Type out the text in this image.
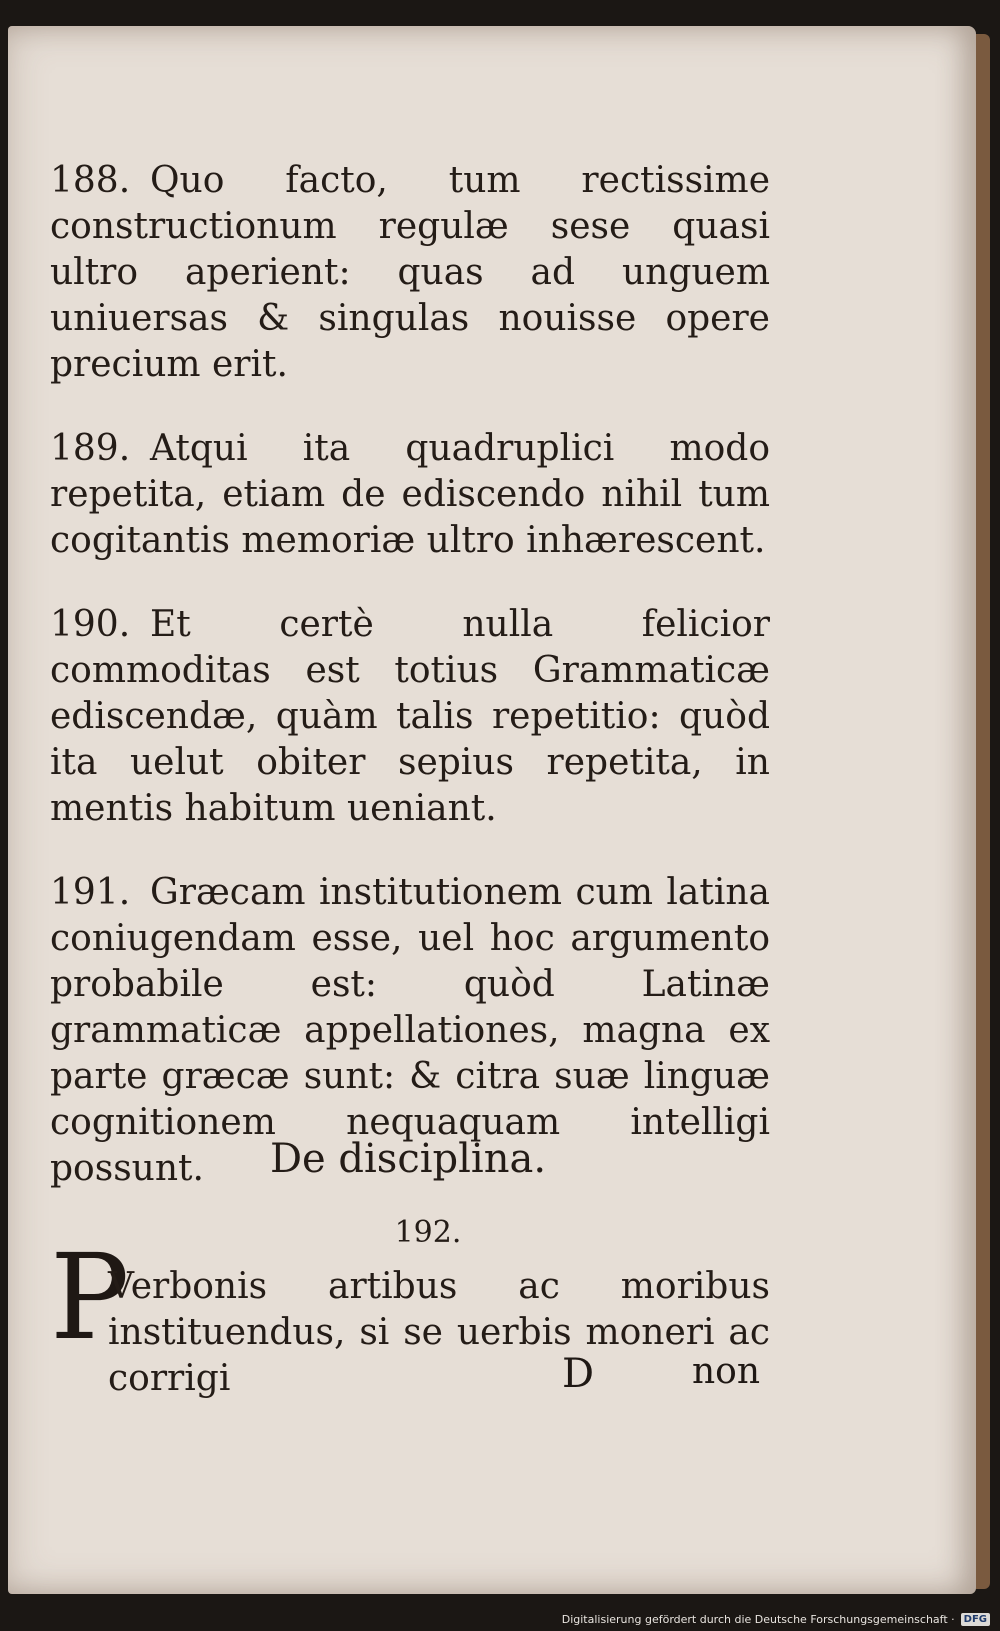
188. Quo facto, tum rectissime constructionum regulæ sese quasi ultro aperient: quas ad unguem uniuersas & singulas nouisse opere precium erit.

189. Atqui ita quadruplici modo repetita, etiam de ediscendo nihil tum cogitantis memoriæ ultro inhærescent.

190. Et certè nulla felicior commoditas est totius Grammaticæ ediscendæ, quàm talis repetitio: quòd ita uelut obiter sepius repetita, in mentis habitum ueniant.

191. Græcam institutionem cum latina coniugendam esse, uel hoc argumento probabile est: quòd Latinæ grammaticæ appellationes, magna ex parte græcæ sunt: & citra suæ linguæ cognitionem nequaquam intelligi possunt.	De disciplina.
192.
P
Verbonis artibus ac moribus instituendus, si se uerbis moneri ac corrigi	D	non
Digitalisierung gefördert durch die Deutsche Forschungsgemeinschaft · DFG
